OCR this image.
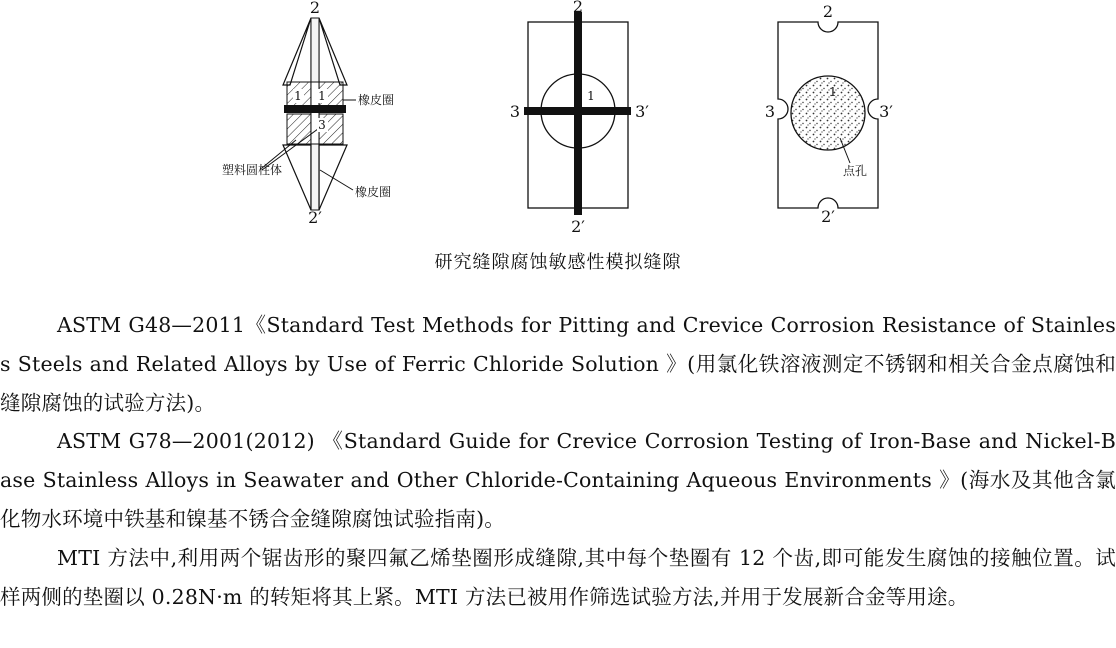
2
2′
1 1
3
橡皮圈
塑料圆柱体
橡皮圈
2
2′
3	3′
1
2
2′
3	3′
1
点孔
研究缝隙腐蚀敏感性模拟缝隙

ASTM G48—2011《Standard Test Methods for Pitting and Crevice Corrosion Resistance of Stainless Steels and Related Alloys by Use of Ferric Chloride Solution 》(用氯化铁溶液测定不锈钢和相关合金点腐蚀和缝隙腐蚀的试验方法)。

ASTM G78—2001(2012) 《Standard Guide for Crevice Corrosion Testing of Iron-Base and Nickel-Base Stainless Alloys in Seawater and Other Chloride-Containing Aqueous Environments 》(海水及其他含氯化物水环境中铁基和镍基不锈合金缝隙腐蚀试验指南)。

MTI 方法中,利用两个锯齿形的聚四氟乙烯垫圈形成缝隙,其中每个垫圈有 12 个齿,即可能发生腐蚀的接触位置。试样两侧的垫圈以 0.28N·m 的转矩将其上紧。MTI 方法已被用作筛选试验方法,并用于发展新合金等用途。
